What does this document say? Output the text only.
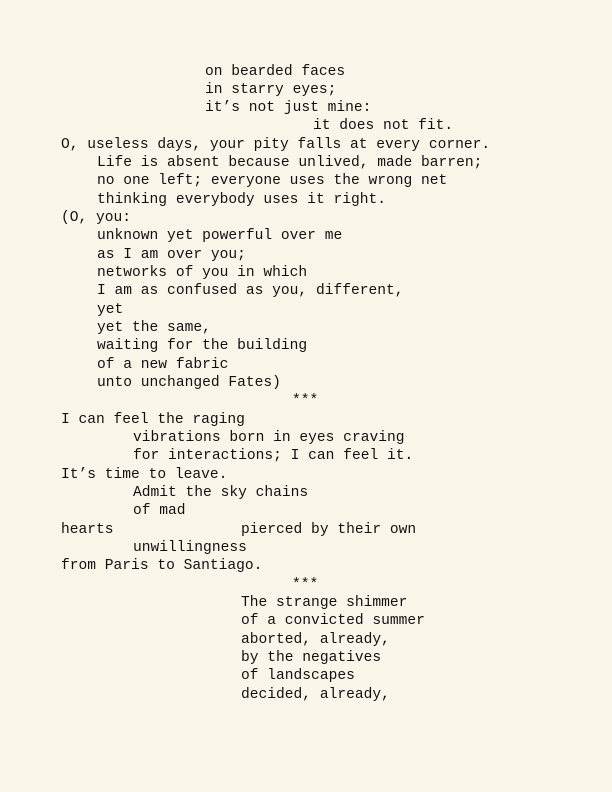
on bearded faces
in starry eyes;
it’s not just mine:
it does not fit.
O, useless days, your pity falls at every corner.
Life is absent because unlived, made barren;
no one left; everyone uses the wrong net
thinking everybody uses it right.
(O, you:
unknown yet powerful over me
as I am over you;
networks of you in which
I am as confused as you, different,
yet
yet the same,
waiting for the building
of a new fabric
unto unchanged Fates)
***
I can feel the raging
vibrations born in eyes craving
for interactions; I can feel it.
It’s time to leave.
Admit the sky chains
of mad
hearts	pierced by their own
unwillingness
from Paris to Santiago.
***
The strange shimmer
of a convicted summer
aborted, already,
by the negatives
of landscapes
decided, already,
